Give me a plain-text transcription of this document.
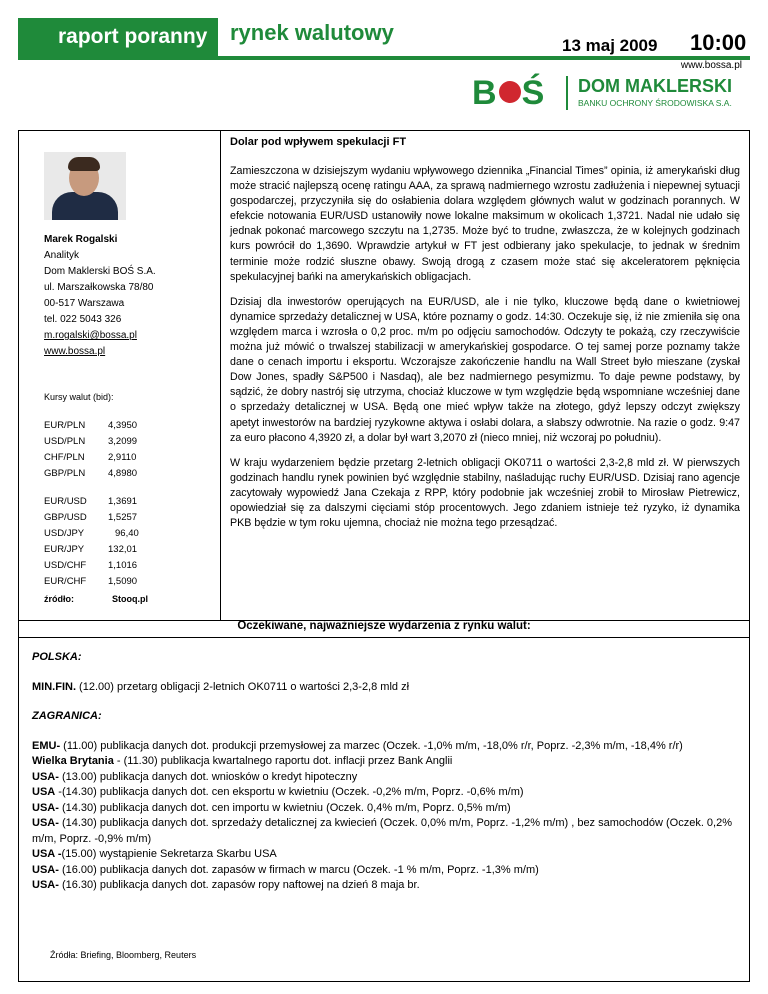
raport poranny	rynek walutowy
13 maj 2009 10:00
www.bossa.pl
B Ś DOM MAKLERSKI
BANKU OCHRONY ŚRODOWISKA S.A.
Marek Rogalski
Analityk
Dom Maklerski BOŚ S.A.
ul. Marszałkowska 78/80
00-517 Warszawa
tel. 022 5043 326
m.rogalski@bossa.pl
www.bossa.pl
Kursy walut (bid):
EUR/PLN 4,3950
USD/PLN 3,2099
CHF/PLN 2,9110
GBP/PLN 4,8980
EUR/USD 1,3691
GBP/USD 1,5257
USD/JPY	96,40
EUR/JPY	132,01
USD/CHF 1,1016
EUR/CHF 1,5090
źródło:	Stooq.pl
Dolar pod wpływem spekulacji FT

Zamieszczona w dzisiejszym wydaniu wpływowego dziennika „Financial Times” opinia, iż amerykański dług może stracić najlepszą ocenę ratingu AAA, za sprawą nadmiernego wzrostu zadłużenia i niepewnej sytuacji gospodarczej, przyczyniła się do osłabienia dolara względem głównych walut w godzinach porannych. W efekcie notowania EUR/USD ustanowiły nowe lokalne maksimum w okolicach 1,3721. Nadal nie udało się jednak pokonać marcowego szczytu na 1,2735. Może być to trudne, zwłaszcza, że w kolejnych godzinach kurs powrócił do 1,3690. Wprawdzie artykuł w FT jest odbierany jako spekulacje, to jednak w średnim terminie może rodzić słuszne obawy. Swoją drogą z czasem może stać się akceleratorem pęknięcia spekulacyjnej bańki na amerykańskich obligacjach.

Dzisiaj dla inwestorów operujących na EUR/USD, ale i nie tylko, kluczowe będą dane o kwietniowej dynamice sprzedaży detalicznej w USA, które poznamy o godz. 14:30. Oczekuje się, iż nie zmieniła się ona względem marca i wzrosła o 0,2 proc. m/m po odjęciu samochodów. Odczyty te pokażą, czy rzeczywiście można już mówić o trwalszej stabilizacji w amerykańskiej gospodarce. O tej samej porze poznamy także dane o cenach importu i eksportu. Wczorajsze zakończenie handlu na Wall Street było mieszane (zyskał Dow Jones, spadły S&P500 i Nasdaq), ale bez nadmiernego pesymizmu. To daje pewne podstawy, by sądzić, że dobry nastrój się utrzyma, chociaż kluczowe w tym względzie będą wspomniane wcześniej dane o sprzedaży detalicznej w USA. Będą one mieć wpływ także na złotego, gdyż lepszy odczyt zwiększy apetyt inwestorów na bardziej ryzykowne aktywa i osłabi dolara, a słabszy odwrotnie. Na razie o godz. 9:47 za euro płacono 4,3920 zł, a dolar był wart 3,2070 zł (nieco mniej, niż wczoraj po południu).

W kraju wydarzeniem będzie przetarg 2-letnich obligacji OK0711 o wartości 2,3-2,8 mld zł. W pierwszych godzinach handlu rynek powinien być względnie stabilny, naśladując ruchy EUR/USD. Dzisiaj rano agencje zacytowały wypowiedź Jana Czekaja z RPP, który podobnie jak wcześniej zrobił to Mirosław Pietrewicz, opowiedział się za dalszymi cięciami stóp procentowych. Jego zdaniem istnieje też ryzyko, iż dynamika PKB będzie w tym roku ujemna, chociaż nie można tego przesądzać.

Oczekiwane, najważniejsze wydarzenia z rynku walut:

POLSKA:

MIN.FIN. (12.00) przetarg obligacji 2-letnich OK0711 o wartości 2,3-2,8 mld zł

ZAGRANICA:

EMU- (11.00) publikacja danych dot. produkcji przemysłowej za marzec (Oczek. -1,0% m/m, -18,0% r/r, Poprz. -2,3% m/m, -18,4% r/r)

Wielka Brytania - (11.30) publikacja kwartalnego raportu dot. inflacji przez Bank Anglii

USA- (13.00) publikacja danych dot. wniosków o kredyt hipoteczny

USA -(14.30) publikacja danych dot. cen eksportu w kwietniu (Oczek. -0,2% m/m, Poprz. -0,6% m/m)

USA- (14.30) publikacja danych dot. cen importu w kwietniu (Oczek. 0,4% m/m, Poprz. 0,5% m/m)

USA- (14.30) publikacja danych dot. sprzedaży detalicznej za kwiecień (Oczek. 0,0% m/m, Poprz. -1,2% m/m) , bez samochodów (Oczek. 0,2% m/m, Poprz. -0,9% m/m)

USA -(15.00) wystąpienie Sekretarza Skarbu USA

USA- (16.00) publikacja danych dot. zapasów w firmach w marcu (Oczek. -1 % m/m, Poprz. -1,3% m/m)

USA- (16.30) publikacja danych dot. zapasów ropy naftowej na dzień 8 maja br.

Źródła: Briefing, Bloomberg, Reuters
